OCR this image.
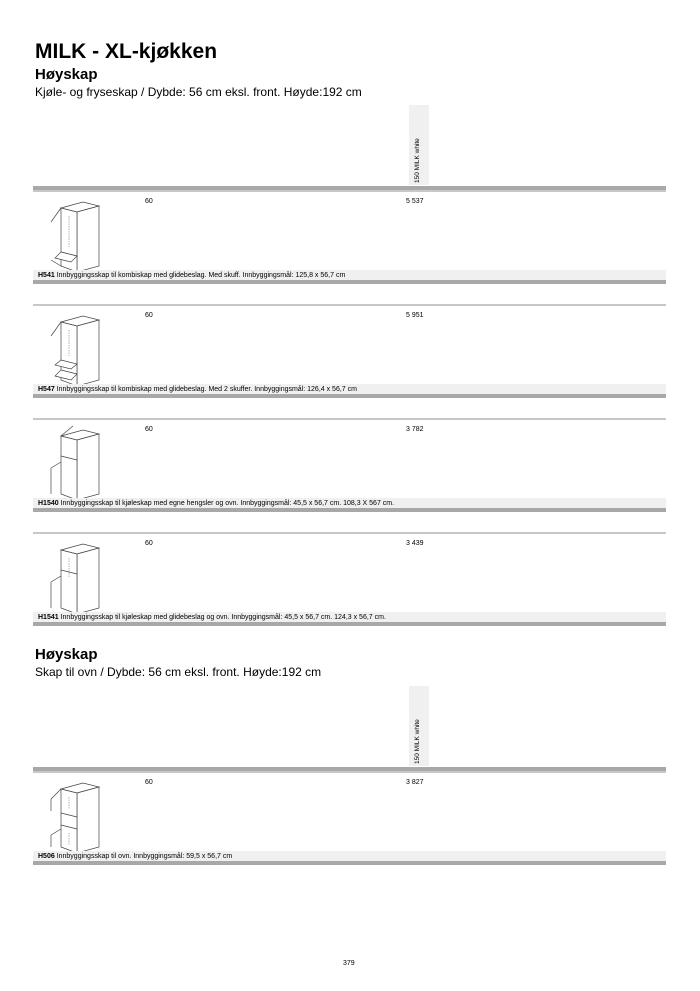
MILK - XL-kjøkken
Høyskap
Kjøle- og fryseskap / Dybde: 56 cm eksl. front. Høyde:192 cm
150 MILK white
60	5 537
H541 Innbyggingsskap til kombiskap med glidebeslag. Med skuff. Innbyggingsmål: 125,8 x 56,7 cm
60	5 951
H547 Innbyggingsskap til kombiskap med glidebeslag. Med 2 skuffer. Innbyggingsmål: 126,4 x 56,7 cm
60	3 782
H1540 Innbyggingsskap til kjøleskap med egne hengsler og ovn. Innbyggingsmål: 45,5 x 56,7 cm. 108,3 X 567 cm.
60	3 439
H1541 Innbyggingsskap til kjøleskap med glidebeslag og ovn. Innbyggingsmål: 45,5 x 56,7 cm. 124,3 x 56,7 cm.
Høyskap
Skap til ovn / Dybde: 56 cm eksl. front. Høyde:192 cm
150 MILK white
60	3 827
H506 Innbyggingsskap til ovn. Innbyggingsmål: 59,5 x 56,7 cm
379
